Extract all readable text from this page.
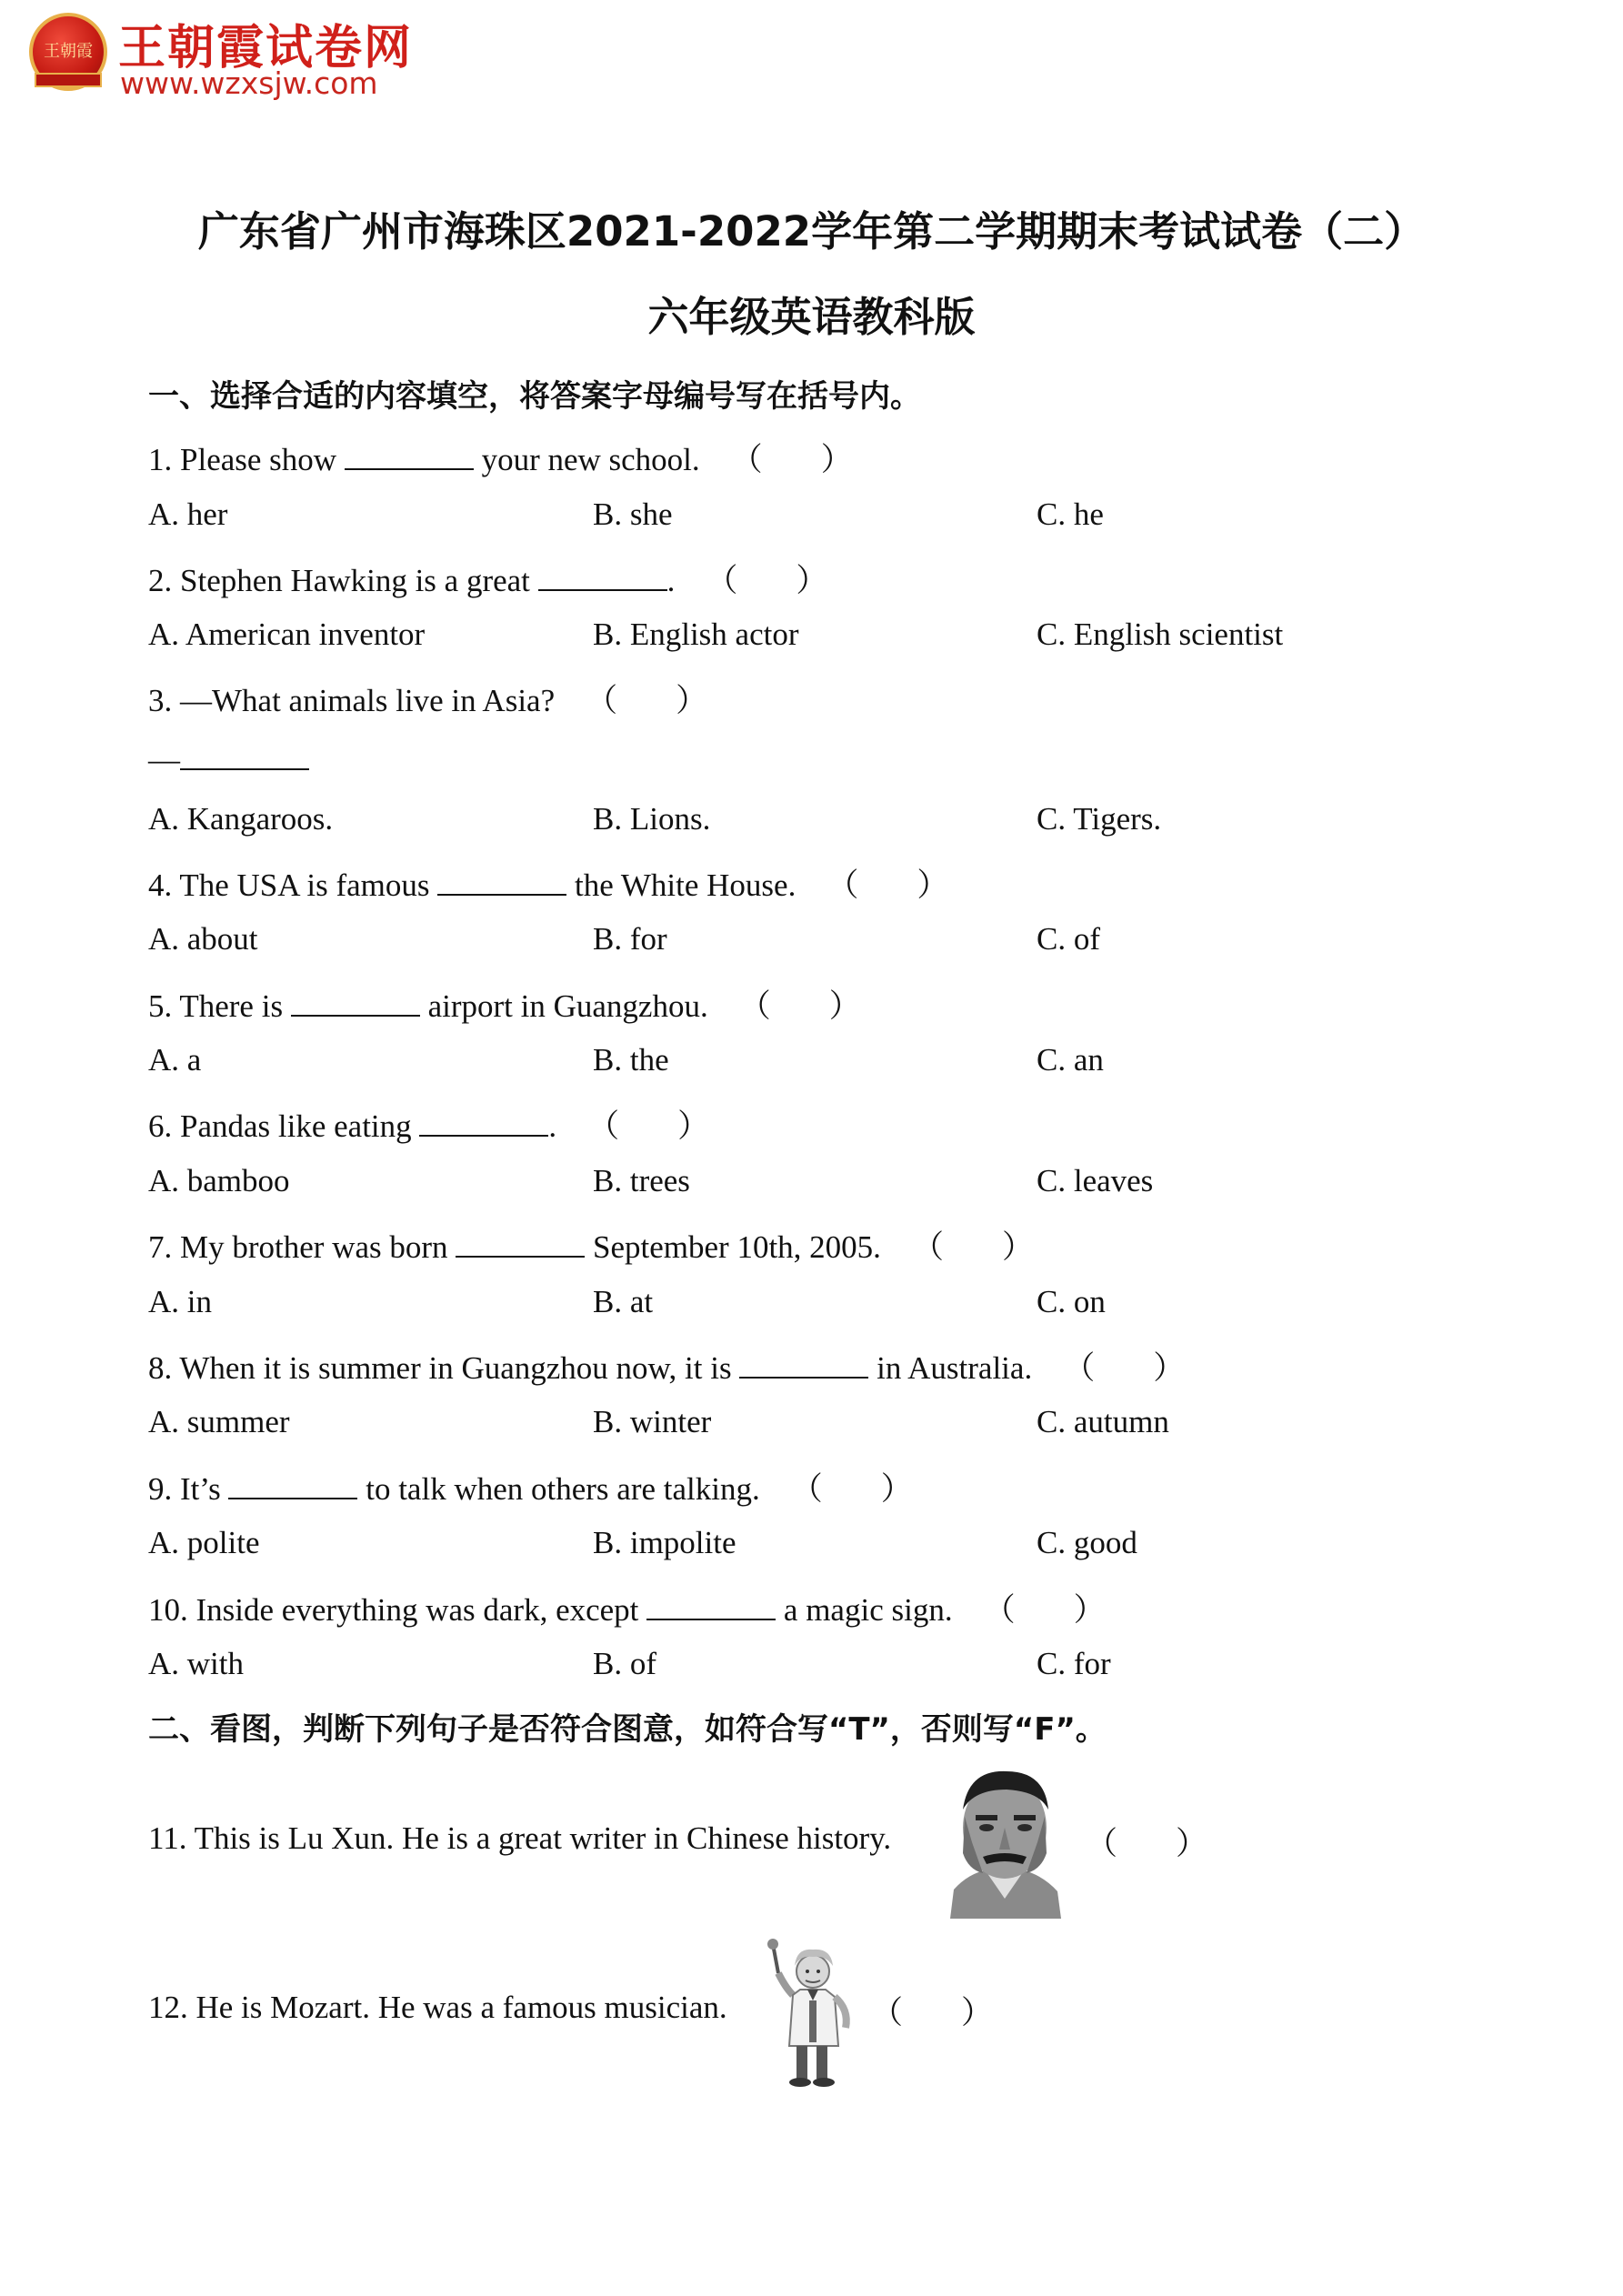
王朝霞 王朝霞试卷网
www.wzxsjw.com
广东省广州市海珠区2021-2022学年第二学期期末考试试卷（二）
六年级英语教科版
一、选择合适的内容填空，将答案字母编号写在括号内。
1. Please show	your new school. （ ）
A. her	B. she	C. he
2. Stephen Hawking is a great	. （ ）
A. American inventor	B. English actor	C. English scientist
3. —What animals live in Asia? （ ）
—
A. Kangaroos.	B. Lions.	C. Tigers.
4. The USA is famous	the White House. （ ）
A. about	B. for	C. of
5. There is	airport in Guangzhou. （ ）
A. a	B. the	C. an
6. Pandas like eating	. （ ）
A. bamboo	B. trees	C. leaves
7. My brother was born	September 10th, 2005. （ ）
A. in	B. at	C. on
8. When it is summer in Guangzhou now, it is	in Australia. （ ）
A. summer	B. winter	C. autumn
9. It’s	to talk when others are talking. （ ）
A. polite	B. impolite	C. good
10. Inside everything was dark, except	a magic sign. （ ）
A. with	B. of	C. for
二、看图，判断下列句子是否符合图意，如符合写“T”，否则写“F”。
11. This is Lu Xun. He is a great writer in Chinese history.	（ ）
12. He is Mozart. He was a famous musician.	（ ）
